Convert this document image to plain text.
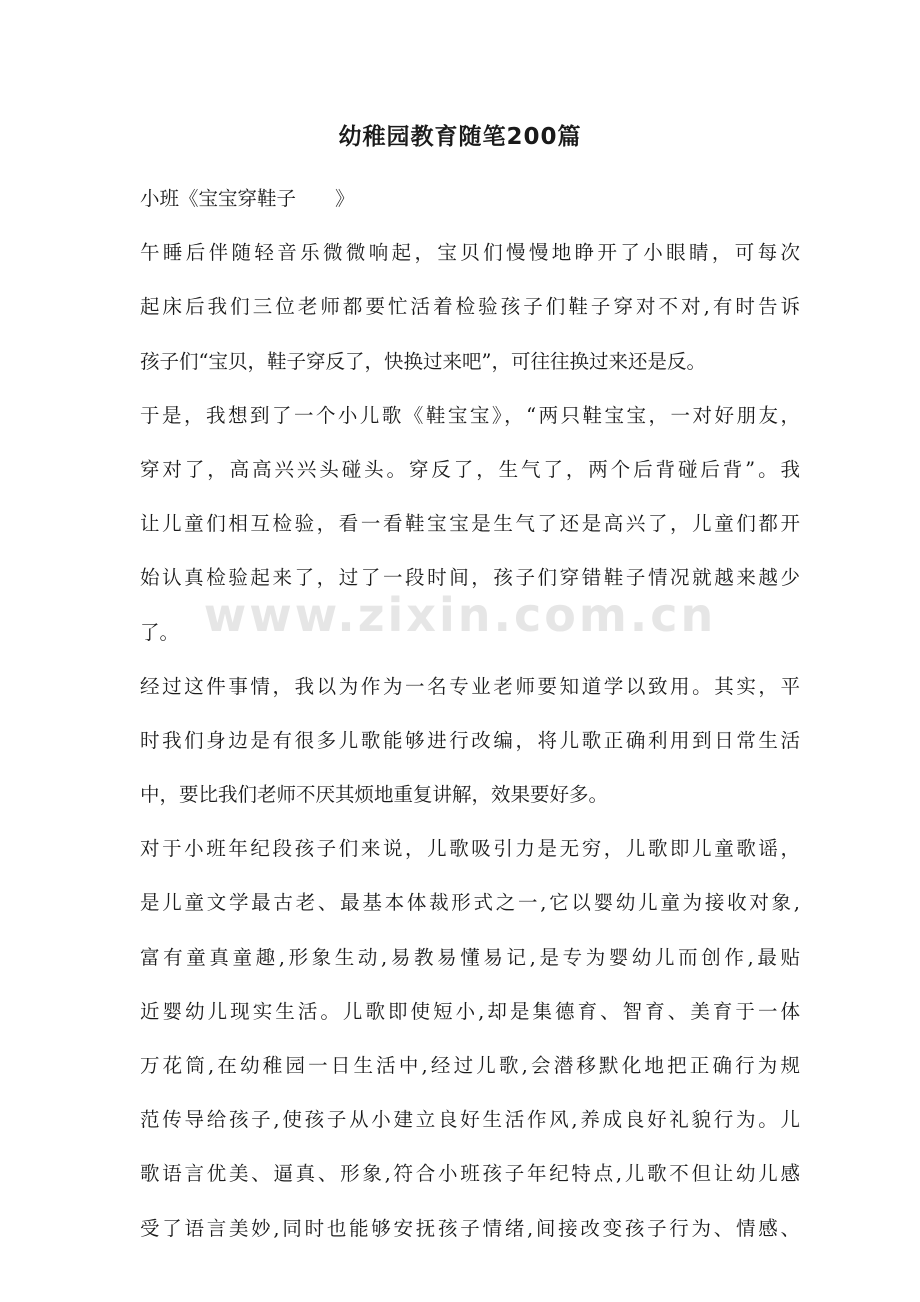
www.zixin.com.cn
幼稚园教育随笔200篇
小班《宝宝穿鞋子　　》
午睡后伴随轻音乐微微响起，宝贝们慢慢地睁开了小眼睛，可每次
起床后我们三位老师都要忙活着检验孩子们鞋子穿对不对,有时告诉
孩子们“宝贝，鞋子穿反了，快换过来吧”，可往往换过来还是反。
于是，我想到了一个小儿歌《鞋宝宝》，“两只鞋宝宝，一对好朋友，
穿对了，高高兴兴头碰头。穿反了，生气了，两个后背碰后背”。我
让儿童们相互检验，看一看鞋宝宝是生气了还是高兴了，儿童们都开
始认真检验起来了，过了一段时间，孩子们穿错鞋子情况就越来越少
了。
经过这件事情，我以为作为一名专业老师要知道学以致用。其实，平
时我们身边是有很多儿歌能够进行改编，将儿歌正确利用到日常生活
中，要比我们老师不厌其烦地重复讲解，效果要好多。
对于小班年纪段孩子们来说，儿歌吸引力是无穷，儿歌即儿童歌谣，
是儿童文学最古老、最基本体裁形式之一,它以婴幼儿童为接收对象,
富有童真童趣,形象生动,易教易懂易记,是专为婴幼儿而创作,最贴
近婴幼儿现实生活。儿歌即使短小,却是集德育、智育、美育于一体
万花筒,在幼稚园一日生活中,经过儿歌,会潜移默化地把正确行为规
范传导给孩子,使孩子从小建立良好生活作风,养成良好礼貌行为。儿
歌语言优美、逼真、形象,符合小班孩子年纪特点,儿歌不但让幼儿感
受了语言美妙,同时也能够安抚孩子情绪,间接改变孩子行为、情感、
